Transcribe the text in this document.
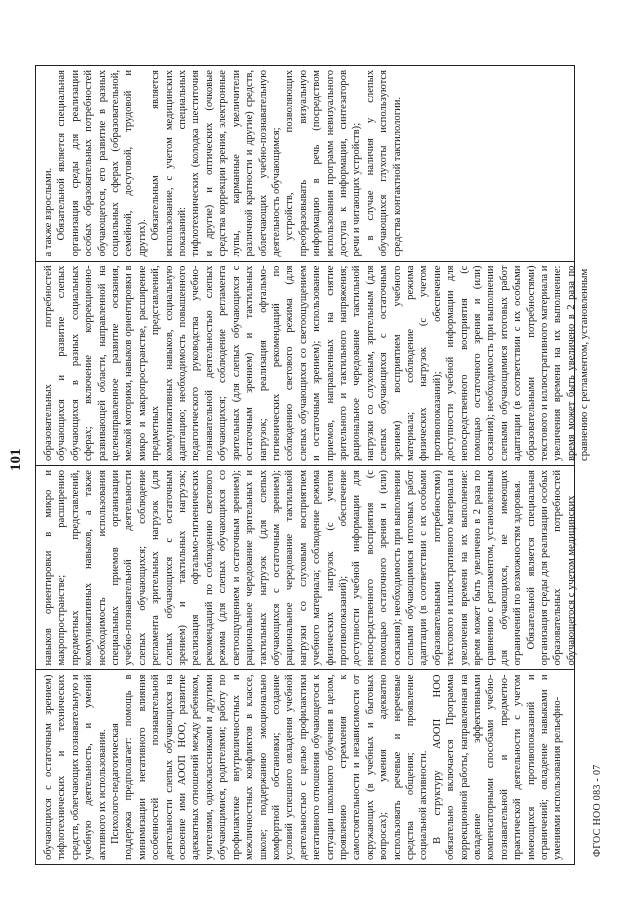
101

обучающихся с остаточным зрением) тифлотехнических и технических средств, облегчающих познавательную и учебную деятельность, и умений активного их использования. Психолого-педагогическая поддержка предполагает: помощь в минимизации негативного влияния особенностей познавательной деятельности слепых обучающихся на освоение ими АООП НОО, развитие адекватных отношений между ребенком, учителями, одноклассниками и другими обучающимися, родителями; работу по профилактике внутриличностных и межличностных конфликтов в классе, школе; поддержанию эмоционально комфортной обстановки; создание условий успешного овладения учебной деятельностью с целью профилактики негативного отношения обучающегося к ситуации школьного обучения в целом, проявлению стремления к самостоятельности и независимости от окружающих (в учебных и бытовых вопросах); умения адекватно использовать речевые и неречевые средства общения; проявление социальной активности. В структуру АООП НОО обязательно включается Программа коррекционной работы, направленная на овладение эффективными компенсаторными способами учебно-познавательной и предметно-практической деятельности с учетом имеющихся противопоказаний и ограничений; овладение навыками и умениями использования рельефно-

навыков ориентировки в микро и макропространстве; расширению предметных представлений, коммуникативных навыков, а также необходимость использования специальных приемов организации учебно-познавательной деятельности слепых обучающихся; соблюдение регламента зрительных нагрузок (для слепых обучающихся с остаточным зрением) и тактильных нагрузок; реализация офтальмо-гигиенических рекомендаций по соблюдению светового режима (для слепых обучающихся со светоощущением и остаточным зрением); рациональное чередование зрительных и тактильных нагрузок (для слепых обучающихся с остаточным зрением); рациональное чередование тактильной нагрузки со слуховым восприятием учебного материала; соблюдение режима физических нагрузок (с учетом противопоказаний); обеспечение доступности учебной информации для непосредственного восприятия (с помощью остаточного зрения и (или) осязания); необходимость при выполнении слепыми обучающимися итоговых работ адаптации (в соответствии с их особыми образовательными потребностями) текстового и иллюстративного материала и увеличения времени на их выполнение: время может быть увеличено в 2 раза по сравнению с регламентом, установленным для обучающихся, не имеющих ограничений по возможностям здоровья. Обязательной является специальная организация среды для реализации особых образовательных потребностей обучающегося с учетом медицинских

образовательных потребностей обучающихся и развитие слепых обучающихся в разных социальных сферах; включение коррекционно-развивающей области, направленной на целенаправленное развитие осязания, мелкой моторики, навыков ориентировки в микро и макропространстве, расширение предметных представлений, коммуникативных навыков, социальную адаптацию; необходимость повышенного педагогического руководства учебно-познавательной деятельностью слепых обучающихся; соблюдение регламента зрительных (для слепых обучающихся с остаточным зрением) и тактильных нагрузок; реализация офтальмо-гигиенических рекомендаций по соблюдению светового режима (для слепых обучающихся со светоощущением и остаточным зрением); использование приемов, направленных на снятие зрительного и тактильного напряжения; рациональное чередование тактильной нагрузки со слуховым, зрительным (для слепых обучающихся с остаточным зрением) восприятием учебного материала; соблюдение режима физических нагрузок (с учетом противопоказаний); обеспечение доступности учебной информации для непосредственного восприятия (с помощью остаточного зрения и (или) осязания); необходимость при выполнении слепыми обучающимися итоговых работ адаптации (в соответствии с их особыми образовательными потребностями) текстового и иллюстративного материала и увеличения времени на их выполнение: время может быть увеличено в 2 раза по сравнению с регламентом, установленным

а также взрослыми. Обязательной является специальная организация среды для реализации особых образовательных потребностей обучающегося, его развитие в разных социальных сферах (образовательной, семейной, досуговой, трудовой и других). Обязательным является использование, с учетом медицинских показаний: специальных тифлотехнических (колодка шеститочия и другие) и оптических (очковые средства коррекции зрения, электронные лупы, карманные увеличители различной кратности и другие) средств, облегчающих учебно-познавательную деятельность обучающимся; устройств, позволяющих преобразовывать визуальную информацию в речь (посредством использования программ невизуального доступа к информации, синтезаторов речи и читающих устройств); в случае наличия у слепых обучающихся глухоты используются средства контактной тактилологии.

ФГОС НОО 083 - 07
